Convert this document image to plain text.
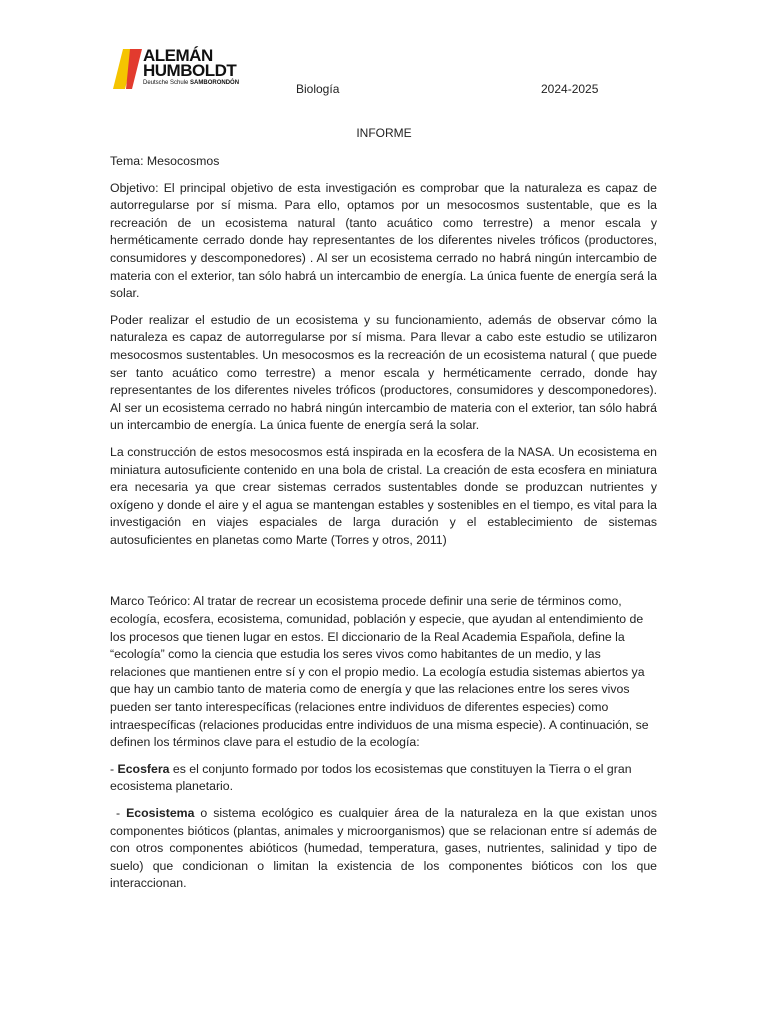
ALEMÁN
HUMBOLDT
Deutsche Schule SAMBORONDÓN	Biología	2024-2025
INFORME

Tema: Mesocosmos

Objetivo: El principal objetivo de esta investigación es comprobar que la naturaleza es capaz de autorregularse por sí misma. Para ello, optamos por un mesocosmos sustentable, que es la recreación de un ecosistema natural (tanto acuático como terrestre) a menor escala y herméticamente cerrado donde hay representantes de los diferentes niveles tróficos (productores, consumidores y descomponedores) . Al ser un ecosistema cerrado no habrá ningún intercambio de materia con el exterior, tan sólo habrá un intercambio de energía. La única fuente de energía será la solar.

Poder realizar el estudio de un ecosistema y su funcionamiento, además de observar cómo la naturaleza es capaz de autorregularse por sí misma. Para llevar a cabo este estudio se utilizaron mesocosmos sustentables. Un mesocosmos es la recreación de un ecosistema natural ( que puede ser tanto acuático como terrestre) a menor escala y herméticamente cerrado, donde hay representantes de los diferentes niveles tróficos (productores, consumidores y descomponedores). Al ser un ecosistema cerrado no habrá ningún intercambio de materia con el exterior, tan sólo habrá un intercambio de energía. La única fuente de energía será la solar.

La construcción de estos mesocosmos está inspirada en la ecosfera de la NASA. Un ecosistema en miniatura autosuficiente contenido en una bola de cristal. La creación de esta ecosfera en miniatura era necesaria ya que crear sistemas cerrados sustentables donde se produzcan nutrientes y oxígeno y donde el aire y el agua se mantengan estables y sostenibles en el tiempo, es vital para la investigación en viajes espaciales de larga duración y el establecimiento de sistemas autosuficientes en planetas como Marte (Torres y otros, 2011)

Marco Teórico: Al tratar de recrear un ecosistema procede definir una serie de términos como, ecología, ecosfera, ecosistema, comunidad, población y especie, que ayudan al entendimiento de los procesos que tienen lugar en estos. El diccionario de la Real Academia Española, define la “ecología” como la ciencia que estudia los seres vivos como habitantes de un medio, y las relaciones que mantienen entre sí y con el propio medio. La ecología estudia sistemas abiertos ya que hay un cambio tanto de materia como de energía y que las relaciones entre los seres vivos pueden ser tanto interespecíficas (relaciones entre individuos de diferentes especies) como intraespecíficas (relaciones producidas entre individuos de una misma especie). A continuación, se definen los términos clave para el estudio de la ecología:

- Ecosfera es el conjunto formado por todos los ecosistemas que constituyen la Tierra o el gran ecosistema planetario.

- Ecosistema o sistema ecológico es cualquier área de la naturaleza en la que existan unos componentes bióticos (plantas, animales y microorganismos) que se relacionan entre sí además de con otros componentes abióticos (humedad, temperatura, gases, nutrientes, salinidad y tipo de suelo) que condicionan o limitan la existencia de los componentes bióticos con los que interaccionan.
